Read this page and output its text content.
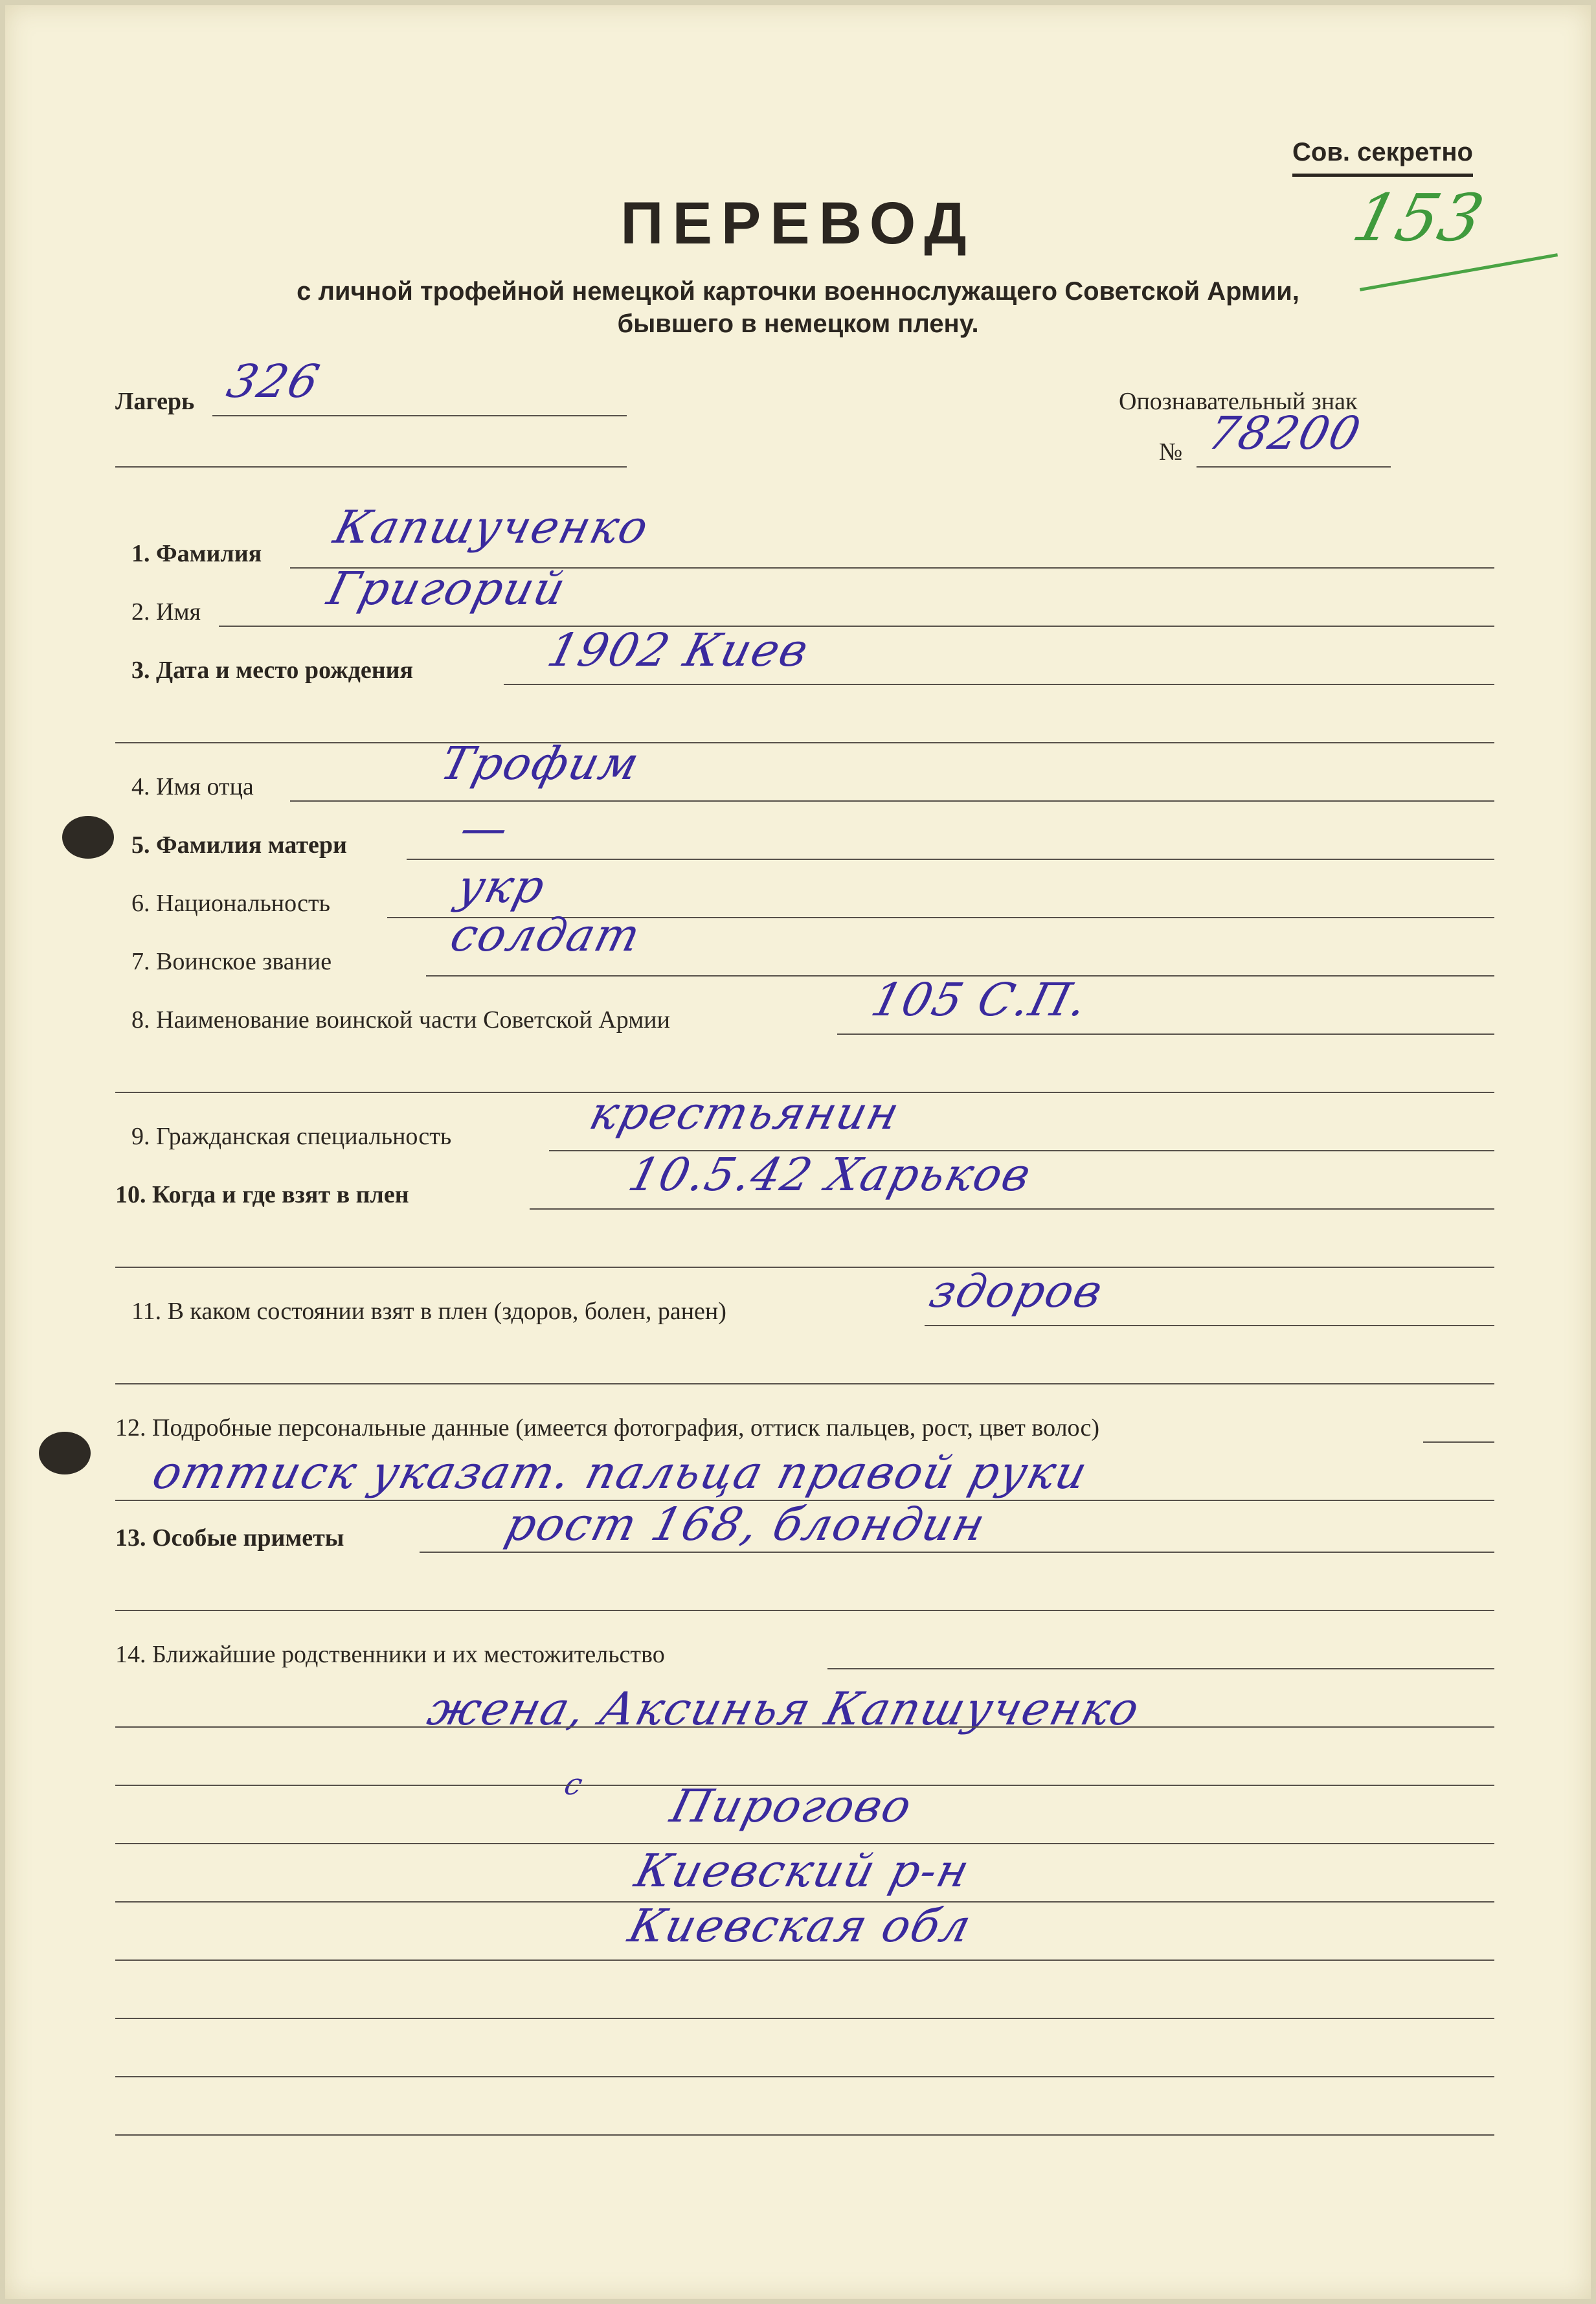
Сов. секретно
153
ПЕРЕВОД
с личной трофейной немецкой карточки военнослужащего Советской Армии,
бывшего в немецком плену.
Лагерь 326	Опознавательный знак
№ 78200
1. Фамилия Капшученко
2. Имя	Григорий
3. Дата и место рождения	1902 Киев
4. Имя отца	Трофим
5. Фамилия матери —
6. Национальность	укр
7. Воинское звание	солдат
8. Наименование воинской части Советской Армии	105 С.П.
9. Гражданская специальность	крестьянин
10. Когда и где взят в плен	10.5.42 Харьков
11. В каком состоянии взят в плен (здоров, болен, ранен)	здоров
12. Подробные персональные данные (имеется фотография, оттиск пальцев, рост, цвет волос)
оттиск указат. пальца правой руки
13. Особые приметы	рост 168, блондин
14. Ближайшие родственники и их местожительство
жена, Аксинья Капшученко
с Пирогово
Киевский р-н
Киевская обл
